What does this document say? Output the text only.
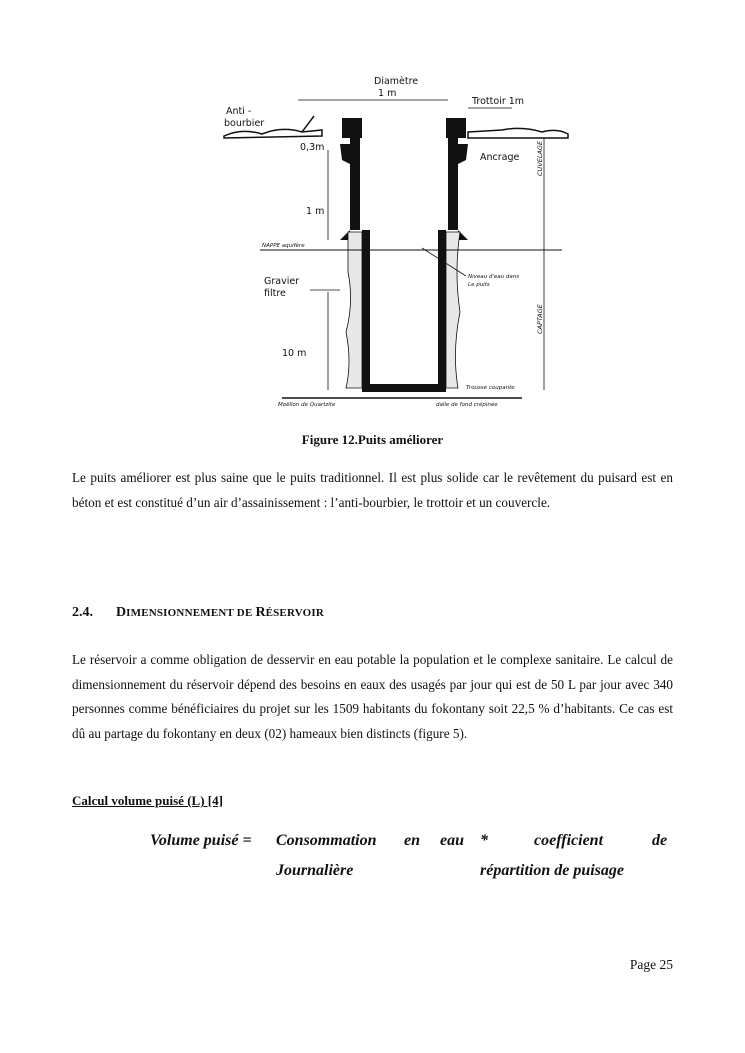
Diamètre
1 m
Trottoir 1m
Anti -
bourbier
0,3m
Ancrage	CUVELAGE
1 m
NAPPE aquifère
Gravier
filtre
Niveau d'eau dans
Le puits
CAPTAGE
10 m
Trousse coupante
Moëllon de Quartzite	dalle de fond crépinée
Figure 12.Puits améliorer
Le puits améliorer est plus saine que le puits traditionnel. Il est plus solide car le revêtement du puisard est en béton et est constitué d’un air d’assainissement : l’anti-bourbier, le trottoir et un couvercle.
2.4. DIMENSIONNEMENT DE RÉSERVOIR
Le réservoir a comme obligation de desservir en eau potable la population et le complexe sanitaire. Le calcul de dimensionnement du réservoir dépend des besoins en eaux des usagés par jour qui est de 50 L par jour avec 340 personnes comme bénéficiaires du projet sur les 1509 habitants du fokontany soit 22,5 % d’habitants. Ce cas est dû au partage du fokontany en deux (02) hameaux bien distincts (figure 5).
Calcul volume puisé (L) [4]
Volume puisé = Consommation en eau *	coefficient	de
Journalière	répartition de puisage
Page 25
